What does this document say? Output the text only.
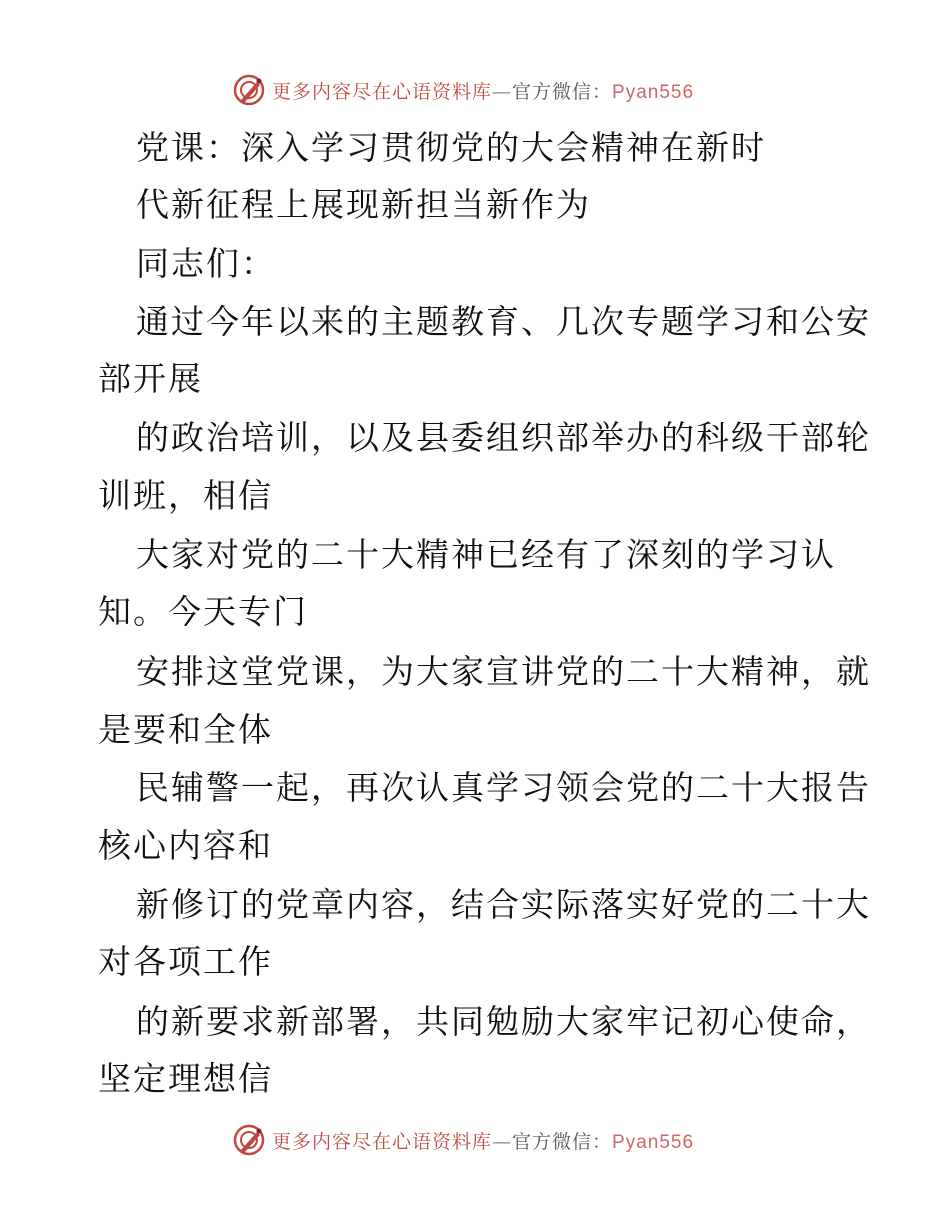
更多内容尽在心语资料库—官方微信：Pyan556
党课：深入学习贯彻党的大会精神在新时
代新征程上展现新担当新作为
同志们：
通过今年以来的主题教育、几次专题学习和公安
部开展
的政治培训，以及县委组织部举办的科级干部轮
训班，相信
大家对党的二十大精神已经有了深刻的学习认
知。今天专门
安排这堂党课，为大家宣讲党的二十大精神，就
是要和全体
民辅警一起，再次认真学习领会党的二十大报告
核心内容和
新修订的党章内容，结合实际落实好党的二十大
对各项工作
的新要求新部署，共同勉励大家牢记初心使命，
坚定理想信
更多内容尽在心语资料库—官方微信：Pyan556
